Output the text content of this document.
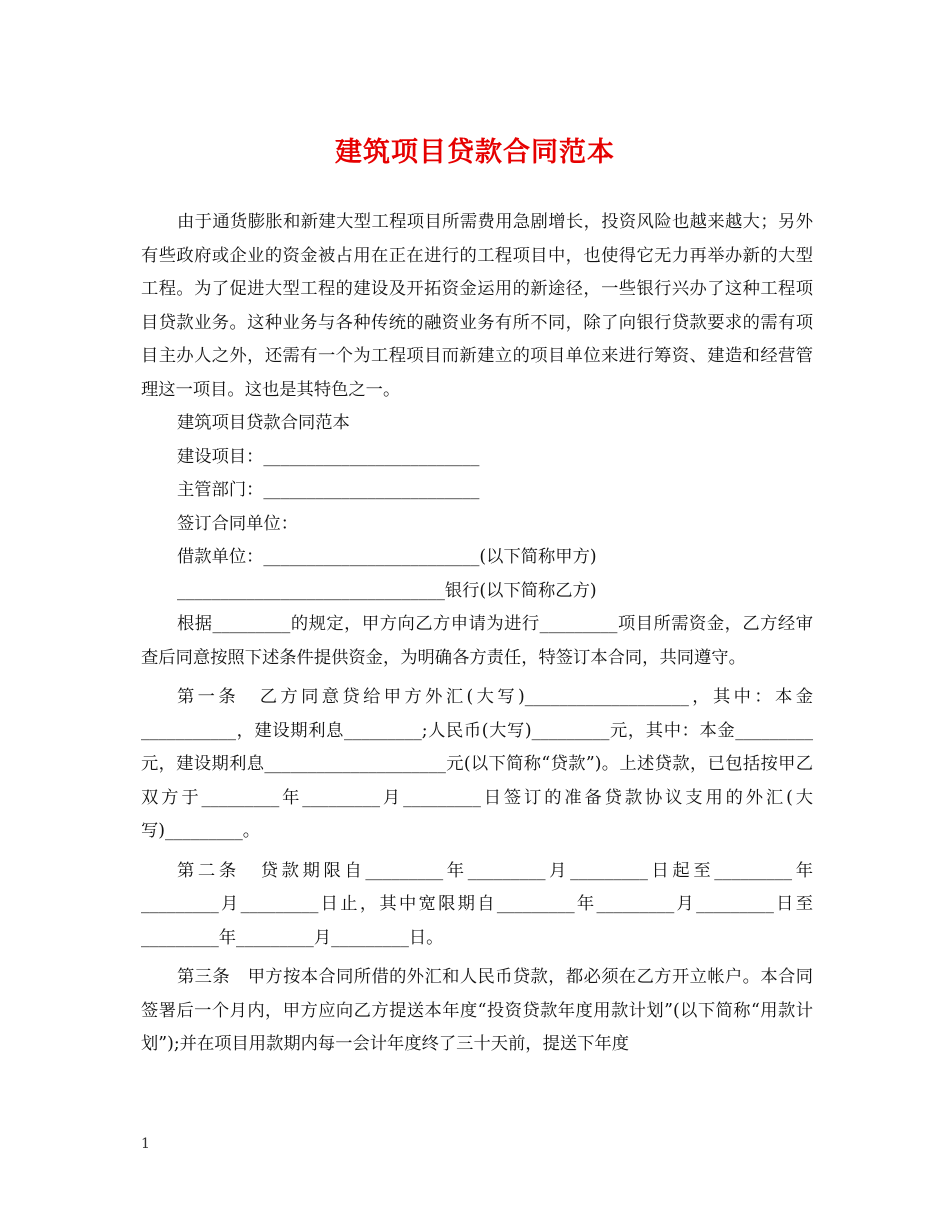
建筑项目贷款合同范本

由于通货膨胀和新建大型工程项目所需费用急剧增长，投资风险也越来越大；另外有些政府或企业的资金被占用在正在进行的工程项目中，也使得它无力再举办新的大型工程。为了促进大型工程的建设及开拓资金运用的新途径，一些银行兴办了这种工程项目贷款业务。这种业务与各种传统的融资业务有所不同，除了向银行贷款要求的需有项目主办人之外，还需有一个为工程项目而新建立的项目单位来进行筹资、建造和经营管理这一项目。这也是其特色之一。

建筑项目贷款合同范本

建设项目：_________________________

主管部门：_________________________

签订合同单位：

借款单位：_________________________(以下简称甲方)

_______________________________银行(以下简称乙方)

根据_________的规定，甲方向乙方申请为进行_________项目所需资金，乙方经审查后同意按照下述条件提供资金，为明确各方责任，特签订本合同，共同遵守。

第一条　乙方同意贷给甲方外汇(大写)___________________，其中：本金___________，建设期利息_________;人民币(大写)_________元，其中：本金_________元，建设期利息_____________________元(以下简称“贷款”)。上述贷款，已包括按甲乙双方于_________年_________月_________日签订的准备贷款协议支用的外汇(大写)_________。

第二条　贷款期限自_________年_________月_________日起至_________年_________月_________日止，其中宽限期自_________年_________月_________日至_________年_________月_________日。

第三条　甲方按本合同所借的外汇和人民币贷款，都必须在乙方开立帐户。本合同签署后一个月内，甲方应向乙方提送本年度“投资贷款年度用款计划”(以下简称“用款计划”);并在项目用款期内每一会计年度终了三十天前，提送下年度

1
